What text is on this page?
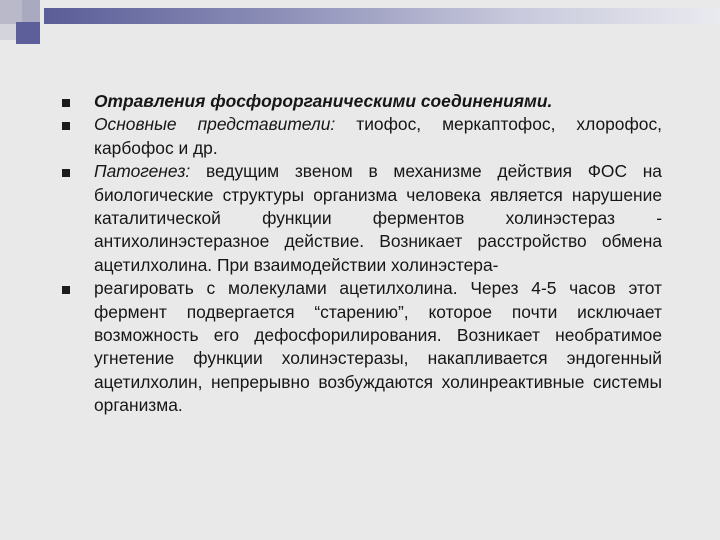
Отравления фосфорорганическими соединениями.
Основные представители: тиофос, меркаптофос, хлорофос, карбофос и др.
Патогенез: ведущим звеном в механизме действия ФОС на биологические структуры организма человека является нарушение каталитической функции ферментов холинэстераз - антихолинэстеразное действие. Возникает расстройство обмена ацетилхолина. При взаимодействии холинэстера-
реагировать с молекулами ацетилхолина. Через 4-5 часов этот фермент подвергается “старению”, которое почти исключает возможность его дефосфорилирования. Возникает необратимое угнетение функции холинэстеразы, накапливается эндогенный ацетилхолин, непрерывно возбуждаются холинреактивные системы организма.
